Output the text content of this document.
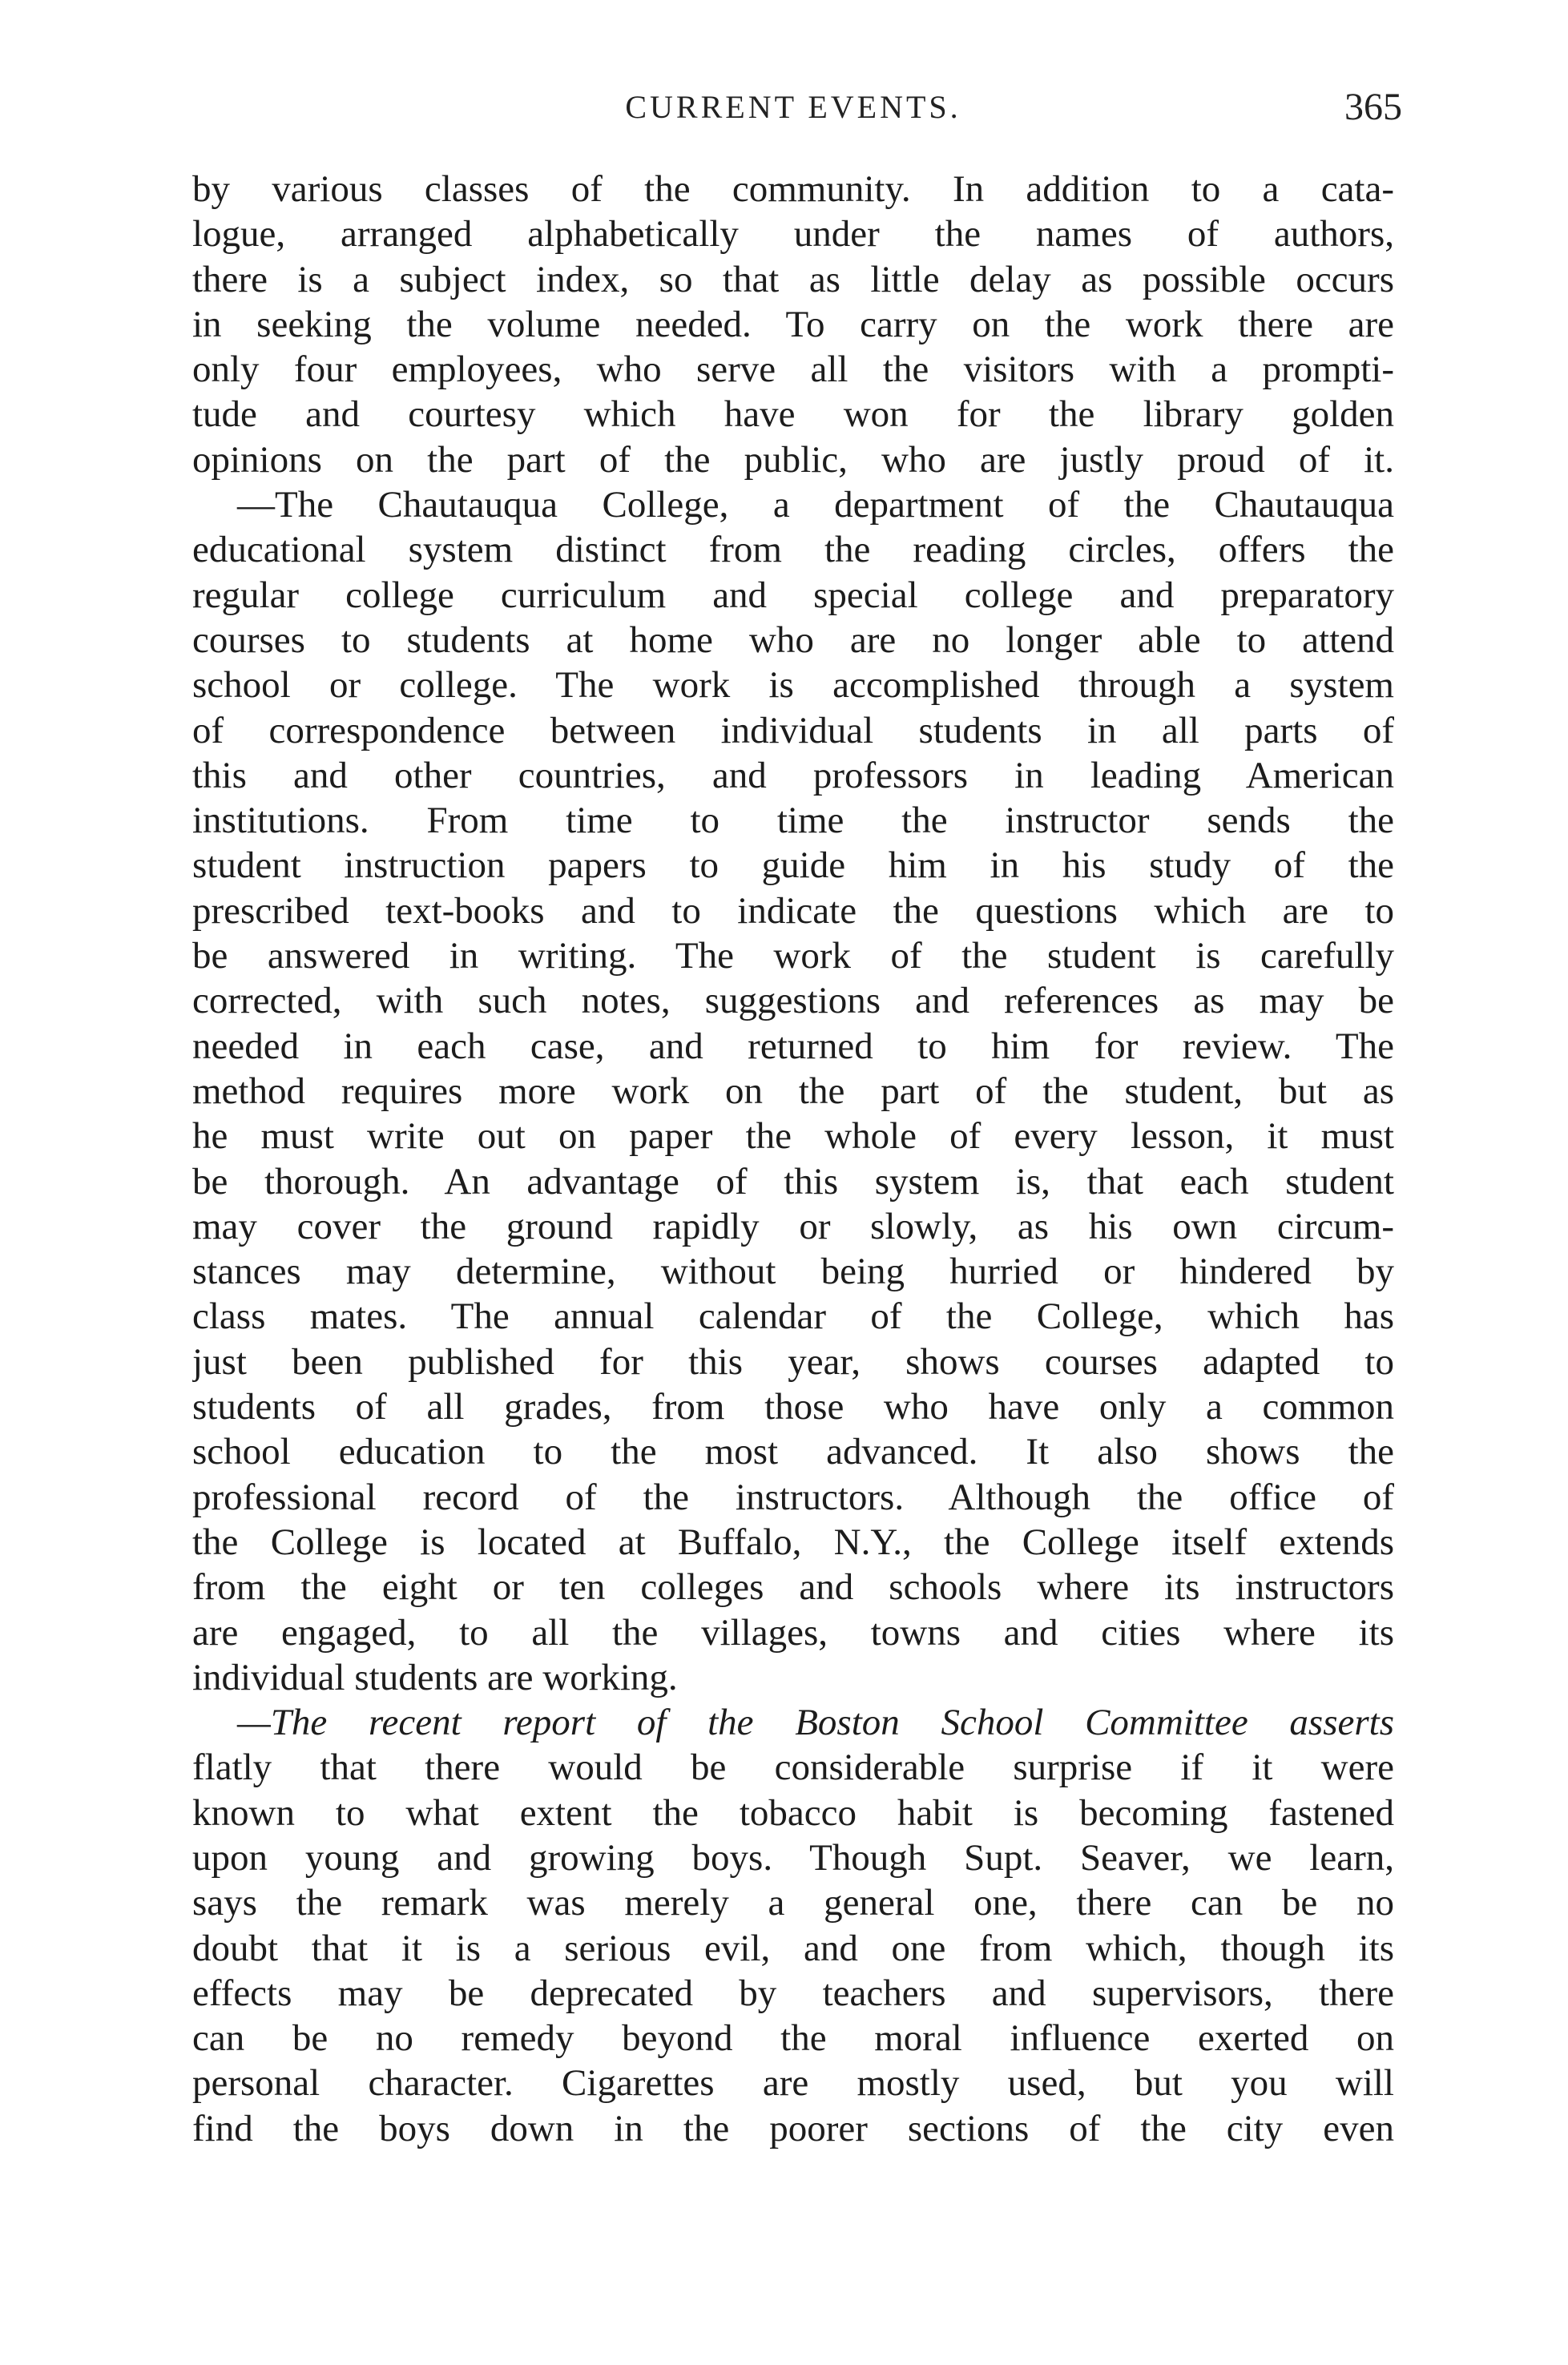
CURRENT EVENTS.	365
by various classes of the community. In addition to a cata-
logue, arranged alphabetically under the names of authors,
there is a subject index, so that as little delay as possible occurs
in seeking the volume needed. To carry on the work there are
only four employees, who serve all the visitors with a prompti-
tude and courtesy which have won for the library golden
opinions on the part of the public, who are justly proud of it.
—The Chautauqua College, a department of the Chautauqua
educational system distinct from the reading circles, offers the
regular college curriculum and special college and preparatory
courses to students at home who are no longer able to attend
school or college. The work is accomplished through a system
of correspondence between individual students in all parts of
this and other countries, and professors in leading American
institutions. From time to time the instructor sends the
student instruction papers to guide him in his study of the
prescribed text-books and to indicate the questions which are to
be answered in writing. The work of the student is carefully
corrected, with such notes, suggestions and references as may be
needed in each case, and returned to him for review. The
method requires more work on the part of the student, but as
he must write out on paper the whole of every lesson, it must
be thorough. An advantage of this system is, that each student
may cover the ground rapidly or slowly, as his own circum-
stances may determine, without being hurried or hindered by
class mates. The annual calendar of the College, which has
just been published for this year, shows courses adapted to
students of all grades, from those who have only a common
school education to the most advanced. It also shows the
professional record of the instructors. Although the office of
the College is located at Buffalo, N.Y., the College itself extends
from the eight or ten colleges and schools where its instructors
are engaged, to all the villages, towns and cities where its
individual students are working.
—The recent report of the Boston School Committee asserts
flatly that there would be considerable surprise if it were
known to what extent the tobacco habit is becoming fastened
upon young and growing boys. Though Supt. Seaver, we learn,
says the remark was merely a general one, there can be no
doubt that it is a serious evil, and one from which, though its
effects may be deprecated by teachers and supervisors, there
can be no remedy beyond the moral influence exerted on
personal character. Cigarettes are mostly used, but you will
find the boys down in the poorer sections of the city even
